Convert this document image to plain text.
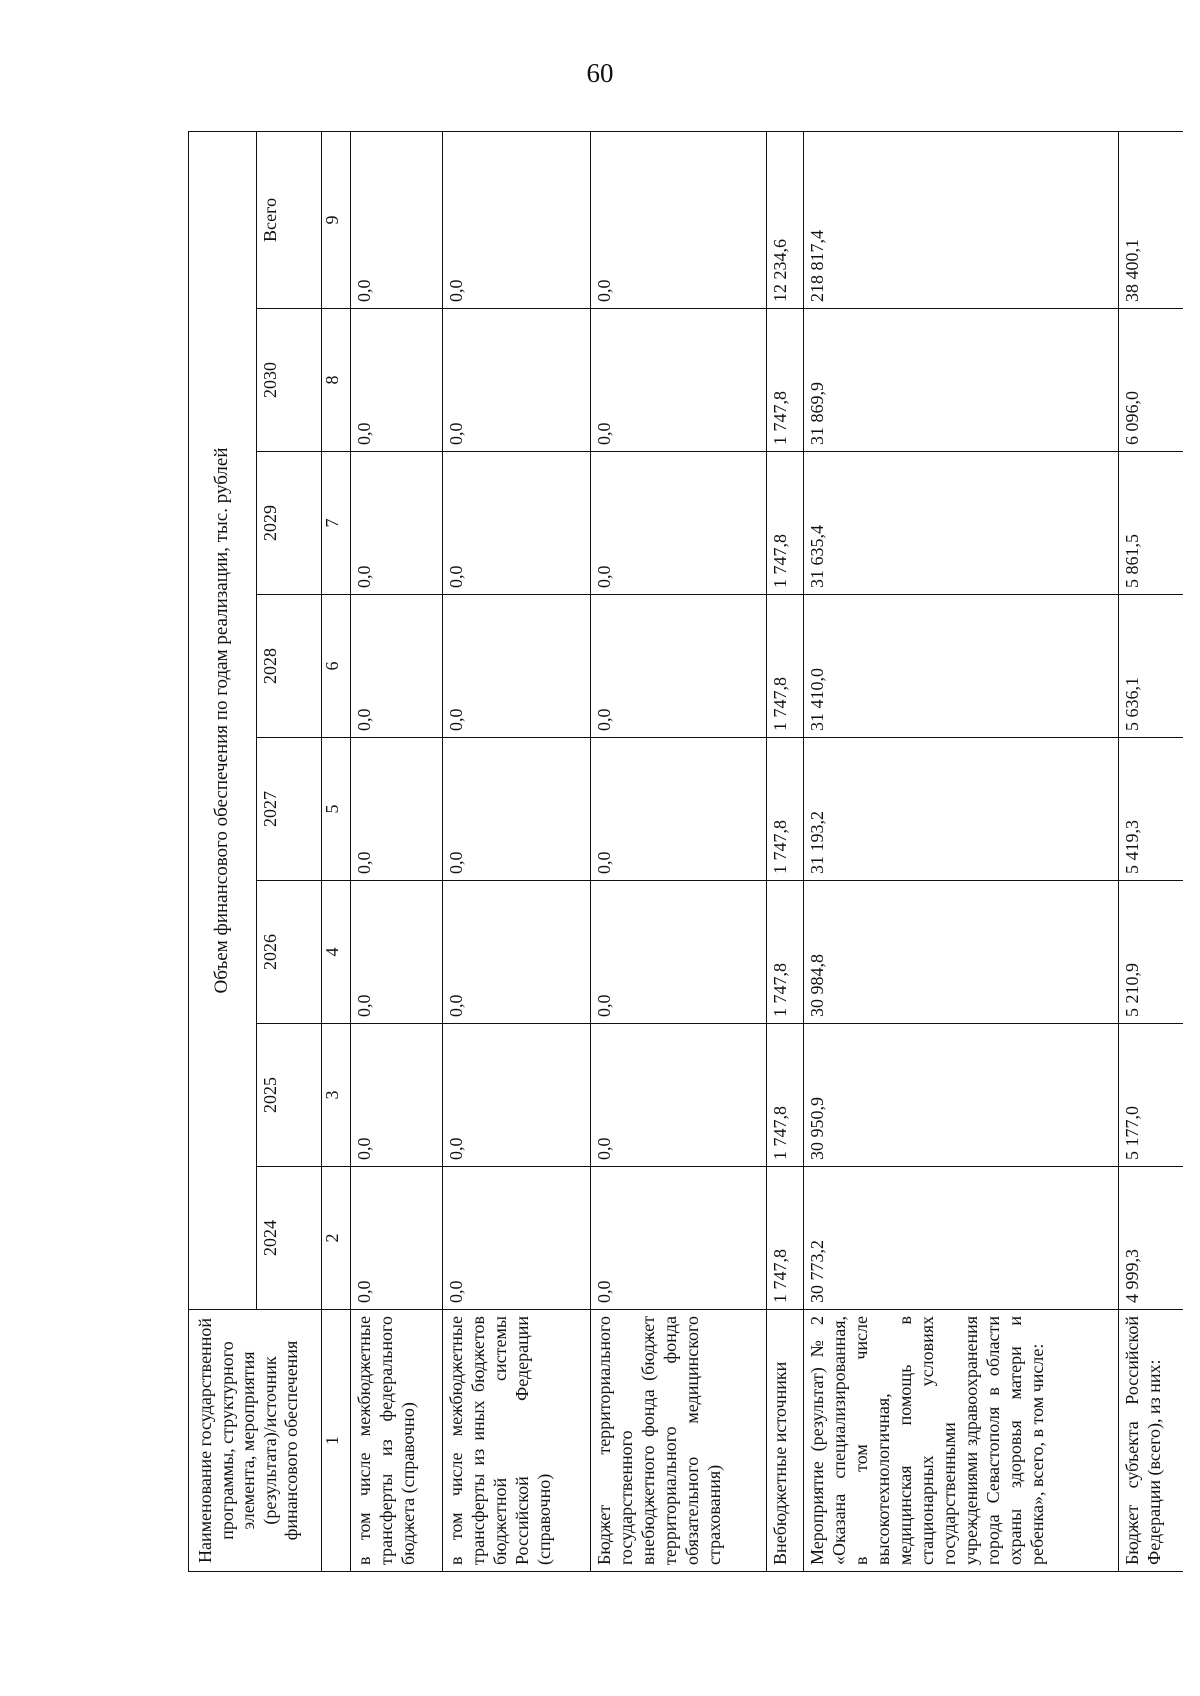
60
Наименование государственной программы, структурного элемента, мероприятия (результата)/источник финансового обеспечения	Объем финансового обеспечения по годам реализации, тыс. рублей							
	2024	2025	2026	2027	2028	2029	2030	Всего
1	2	3	4	5	6	7	8	9
в том числе межбюджетные трансферты из федерального бюджета (справочно)	0,0	0,0	0,0	0,0	0,0	0,0	0,0	0,0
в том числе межбюджетные трансферты из иных бюджетов бюджетной системы Российской Федерации (справочно)	0,0	0,0	0,0	0,0	0,0	0,0	0,0	0,0
Бюджет территориального государственного внебюджетного фонда (бюджет территориального фонда обязательного медицинского страхования)	0,0	0,0	0,0	0,0	0,0	0,0	0,0	0,0
Внебюджетные источники	1 747,8	1 747,8	1 747,8	1 747,8	1 747,8	1 747,8	1 747,8	12 234,6
Мероприятие (результат) № 2 «Оказана специализированная, в том числе высокотехнологичная, медицинская помощь в стационарных условиях государственными учреждениями здравоохранения города Севастополя в области охраны здоровья матери и ребенка», всего, в том числе:	30 773,2	30 950,9	30 984,8	31 193,2	31 410,0	31 635,4	31 869,9	218 817,4
Бюджет субъекта Российской Федерации (всего), из них:	4 999,3	5 177,0	5 210,9	5 419,3	5 636,1	5 861,5	6 096,0	38 400,1
